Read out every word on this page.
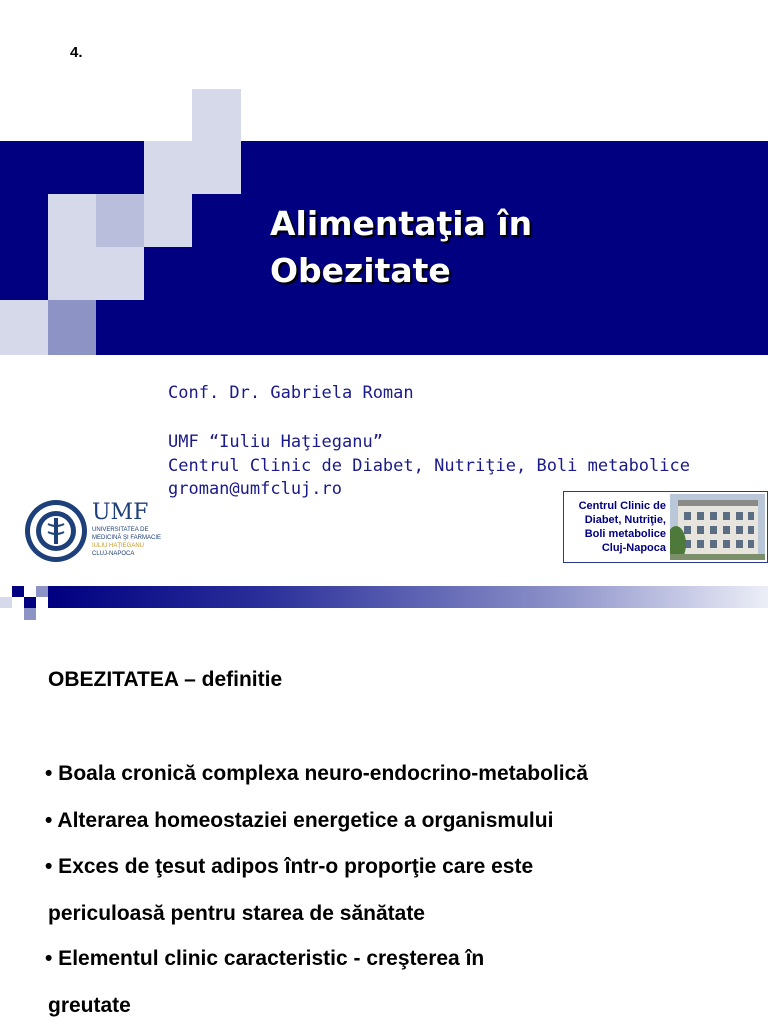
4.
Alimentaţia în
Obezitate
Conf. Dr. Gabriela Roman
UMF “Iuliu Haţieganu”
Centrul Clinic de Diabet, Nutriţie, Boli metabolice
groman@umfcluj.ro
UMF
UNIVERSITATEA DE
MEDICINĂ ŞI FARMACIE
IULIU HAŢIEGANU
CLUJ-NAPOCA
Centrul Clinic de
Diabet, Nutriţie,
Boli metabolice
Cluj-Napoca
OBEZITATEA – definitie
• Boala cronică complexa neuro-endocrino-metabolică
• Alterarea homeostaziei energetice a organismului
• Exces de ţesut adipos într-o proporţie care este
periculoasă pentru starea de sănătate
• Elementul clinic caracteristic - creşterea în
greutate
